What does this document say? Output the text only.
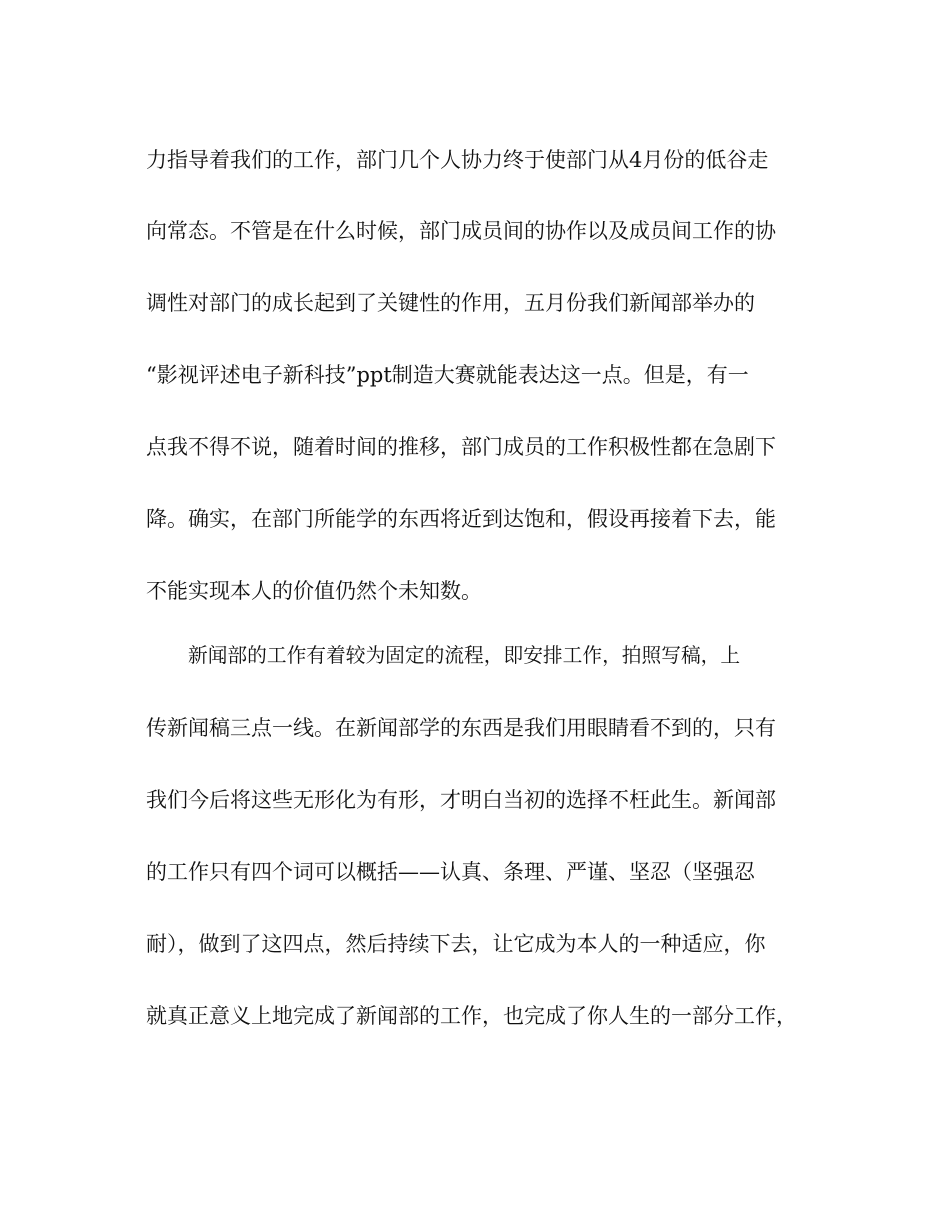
力指导着我们的工作，部门几个人协力终于使部门从4月份的低谷走
向常态。不管是在什么时候，部门成员间的协作以及成员间工作的协
调性对部门的成长起到了关键性的作用，五月份我们新闻部举办的
“影视评述电子新科技”ppt制造大赛就能表达这一点。但是，有一
点我不得不说，随着时间的推移，部门成员的工作积极性都在急剧下
降。确实，在部门所能学的东西将近到达饱和，假设再接着下去，能
不能实现本人的价值仍然个未知数。
新闻部的工作有着较为固定的流程，即安排工作，拍照写稿，上
传新闻稿三点一线。在新闻部学的东西是我们用眼睛看不到的，只有
我们今后将这些无形化为有形，才明白当初的选择不枉此生。新闻部
的工作只有四个词可以概括——认真、条理、严谨、坚忍（坚强忍
耐），做到了这四点，然后持续下去，让它成为本人的一种适应，你
就真正意义上地完成了新闻部的工作，也完成了你人生的一部分工作，
